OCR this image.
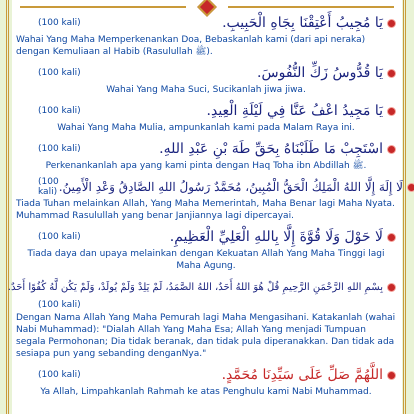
(100 kali)	يَا مُجِيبُ أَعْتِقْنَا بِجَاهِ الْحَبِيبِ.
Wahai Yang Maha Memperkenankan Doa, Bebaskanlah kami (dari api neraka) dengan Kemuliaan al Habib (Rasulullah ﷺ).
(100 kali)	يَا قُدُّوسُ زَكِّ النُّفُوسَ.
Wahai Yang Maha Suci, Sucikanlah jiwa jiwa.
(100 kali)	يَا مَجِيدُ اعْفُ عَنَّا فِي لَيْلَةِ الْعِيدِ.
Wahai Yang Maha Mulia, ampunkanlah kami pada Malam Raya ini.
(100 kali)	اسْتَجِبْ مَا طَلَبْنَاهُ بِحَقِّ طَهَ بْنِ عَبْدِ اللهِ.
Perkenankanlah apa yang kami pinta dengan Haq Toha ibn Abdillah ﷺ.
(100 kali) لَا إِلَهَ إِلَّا اللهُ الْمَلِكُ الْحَقُّ الْمُبِينُ، مُحَمَّدٌ رَسُولُ اللهِ الصَّادِقُ وَعْدِ الْأَمِينُ.
Tiada Tuhan melainkan Allah, Yang Maha Memerintah, Maha Benar lagi Maha Nyata. Muhammad Rasulullah yang benar Janjiannya lagi dipercayai.
(100 kali)	لَا حَوْلَ وَلَا قُوَّةَ إِلَّا بِاللهِ الْعَلِيِّ الْعَظِيمِ.
Tiada daya dan upaya melainkan dengan Kekuatan Allah Yang Maha Tinggi lagi Maha Agung.
بِسْمِ اللهِ الرَّحْمَنِ الرَّحِيمِ قُلْ هُوَ اللهُ أَحَدٌ، اللهُ الصَّمَدُ، لَمْ يَلِدْ وَلَمْ يُولَدْ، وَلَمْ يَكُن لَّهُ كُفُوًا أَحَدٌ.
(100 kali)
Dengan Nama Allah Yang Maha Pemurah lagi Maha Mengasihani. Katakanlah (wahai Nabi Muhammad): "Dialah Allah Yang Maha Esa; Allah Yang menjadi Tumpuan segala Permohonan; Dia tidak beranak, dan tidak pula diperanakkan. Dan tidak ada sesiapa pun yang sebanding denganNya."
(100 kali)	اللَّهُمَّ صَلِّ عَلَى سَيِّدِنَا مُحَمَّدٍ.
Ya Allah, Limpahkanlah Rahmah ke atas Penghulu kami Nabi Muhammad.
